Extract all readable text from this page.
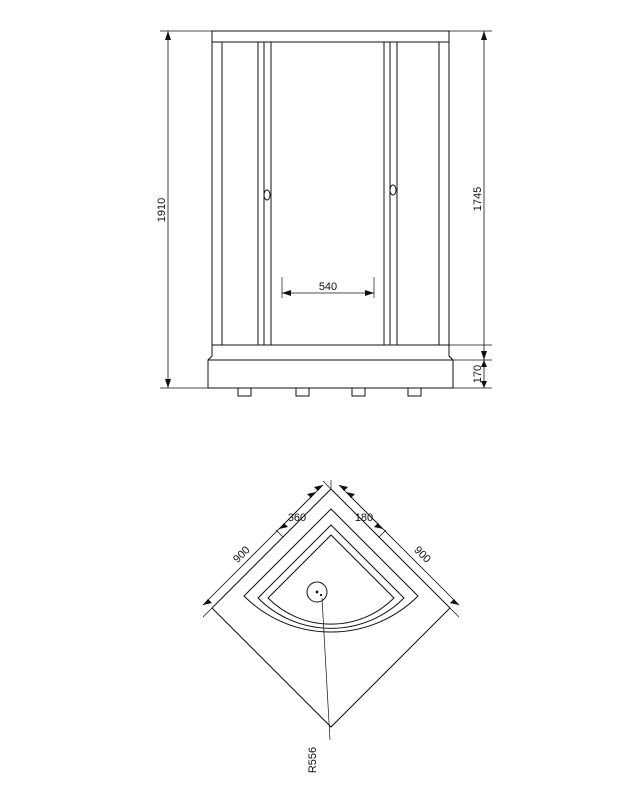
1910	1745
170
540
R556
900	900
360	180
